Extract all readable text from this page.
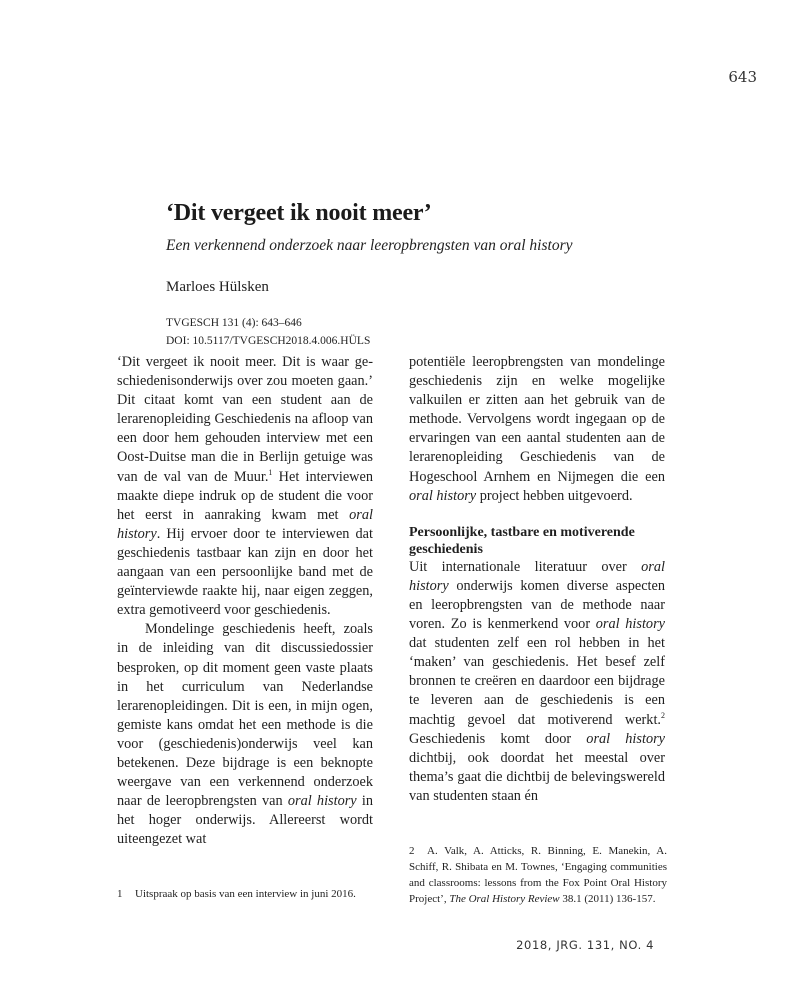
643
‘Dit vergeet ik nooit meer’

Een verkennend onderzoek naar leeropbrengsten van oral history

Marloes Hülsken

TVGESCH 131 (4): 643–646
DOI: 10.5117/TVGESCH2018.4.006.HÜLS

‘Dit vergeet ik nooit meer. Dit is waar geschiedenisonderwijs over zou moeten gaan.’ Dit citaat komt van een student aan de lerarenopleiding Geschiedenis na afloop van een door hem gehouden interview met een Oost-Duitse man die in Berlijn getuige was van de val van de Muur.$^1$ Het interviewen maakte diepe indruk op de student die voor het eerst in aanraking kwam met oral history. Hij ervoer door te interviewen dat geschiedenis tastbaar kan zijn en door het aangaan van een persoonlijke band met de geïnterviewde raakte hij, naar eigen zeggen, extra gemotiveerd voor geschiedenis.

Mondelinge geschiedenis heeft, zoals in de inleiding van dit discussiedossier besproken, op dit moment geen vaste plaats in het curriculum van Nederlandse lerarenopleidingen. Dit is een, in mijn ogen, gemiste kans omdat het een methode is die voor (geschiedenis)onderwijs veel kan betekenen. Deze bijdrage is een beknopte weergave van een verkennend onderzoek naar de leeropbrengsten van oral history in het hoger onderwijs. Allereerst wordt uiteengezet wat

potentiële leeropbrengsten van mondelinge geschiedenis zijn en welke mogelijke valkuilen er zitten aan het gebruik van de methode. Vervolgens wordt ingegaan op de ervaringen van een aantal studenten aan de lerarenopleiding Geschiedenis van de Hogeschool Arnhem en Nijmegen die een oral history project hebben uitgevoerd.

Persoonlijke, tastbare en motiverende geschiedenis

Uit internationale literatuur over oral history onderwijs komen diverse aspecten en leeropbrengsten van de methode naar voren. Zo is kenmerkend voor oral history dat studenten zelf een rol hebben in het ‘maken’ van geschiedenis. Het besef zelf bronnen te creëren en daardoor een bijdrage te leveren aan de geschiedenis is een machtig gevoel dat motiverend werkt.$^2$ Geschiedenis komt door oral history dichtbij, ook doordat het meestal over thema’s gaat die dichtbij de belevingswereld van studenten staan én

1 Uitspraak op basis van een interview in juni 2016.
2 A. Valk, A. Atticks, R. Binning, E. Manekin, A. Schiff, R. Shibata en M. Townes, ‘Engaging communities and classrooms: lessons from the Fox Point Oral History Project’, The Oral History Review 38.1 (2011) 136-157.
2018, JRG. 131, NO. 4
